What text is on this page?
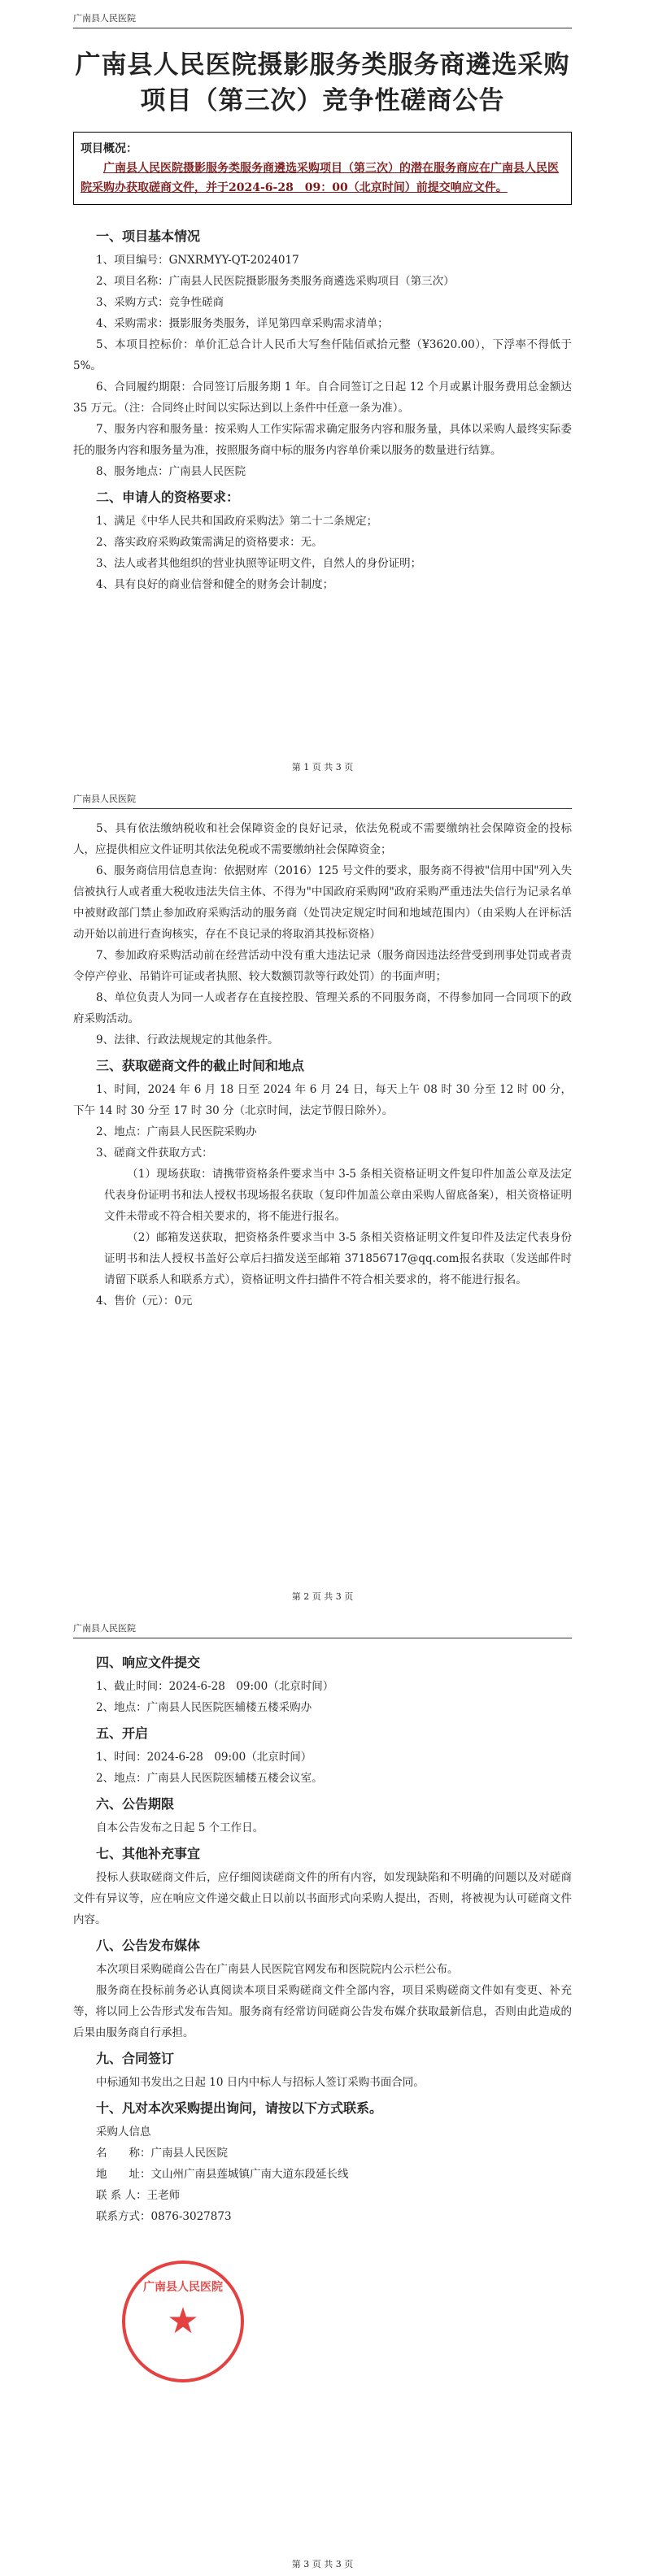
广南县人民医院
广南县人民医院摄影服务类服务商遴选采购
项目（第三次）竞争性磋商公告
项目概况：
广南县人民医院摄影服务类服务商遴选采购项目（第三次）的潜在服务商应在广南县人民医院采购办获取磋商文件，并于2024-6-28　09：00（北京时间）前提交响应文件。
一、项目基本情况
1、项目编号：GNXRMYY-QT-2024017
2、项目名称：广南县人民医院摄影服务类服务商遴选采购项目（第三次）
3、采购方式：竞争性磋商
4、采购需求：摄影服务类服务，详见第四章采购需求清单；
5、本项目控标价：单价汇总合计人民币大写叁仟陆佰贰拾元整（¥3620.00），下浮率不得低于 5%。
6、合同履约期限：合同签订后服务期 1 年。自合同签订之日起 12 个月或累计服务费用总金额达 35 万元。（注：合同终止时间以实际达到以上条件中任意一条为准）。
7、服务内容和服务量：按采购人工作实际需求确定服务内容和服务量，具体以采购人最终实际委托的服务内容和服务量为准，按照服务商中标的服务内容单价乘以服务的数量进行结算。
8、服务地点：广南县人民医院
二、申请人的资格要求：
1、满足《中华人民共和国政府采购法》第二十二条规定；
2、落实政府采购政策需满足的资格要求：无。
3、法人或者其他组织的营业执照等证明文件，自然人的身份证明；
4、具有良好的商业信誉和健全的财务会计制度；
第 1 页 共 3 页
广南县人民医院
5、具有依法缴纳税收和社会保障资金的良好记录，依法免税或不需要缴纳社会保障资金的投标人，应提供相应文件证明其依法免税或不需要缴纳社会保障资金；
6、服务商信用信息查询：依据财库（2016）125 号文件的要求，服务商不得被"信用中国"列入失信被执行人或者重大税收违法失信主体、不得为"中国政府采购网"政府采购严重违法失信行为记录名单中被财政部门禁止参加政府采购活动的服务商（处罚决定规定时间和地域范围内）（由采购人在评标活动开始以前进行查询核实，存在不良记录的将取消其投标资格）
7、参加政府采购活动前在经营活动中没有重大违法记录（服务商因违法经营受到刑事处罚或者责令停产停业、吊销许可证或者执照、较大数额罚款等行政处罚）的书面声明；
8、单位负责人为同一人或者存在直接控股、管理关系的不同服务商，不得参加同一合同项下的政府采购活动。
9、法律、行政法规规定的其他条件。
三、获取磋商文件的截止时间和地点
1、时间，2024 年 6 月 18 日至 2024 年 6 月 24 日，每天上午 08 时 30 分至 12 时 00 分，下午 14 时 30 分至 17 时 30 分（北京时间，法定节假日除外）。
2、地点：广南县人民医院采购办
3、磋商文件获取方式：
（1）现场获取：请携带资格条件要求当中 3-5 条相关资格证明文件复印件加盖公章及法定代表身份证明书和法人授权书现场报名获取（复印件加盖公章由采购人留底备案），相关资格证明文件未带或不符合相关要求的，将不能进行报名。
（2）邮箱发送获取，把资格条件要求当中 3-5 条相关资格证明文件复印件及法定代表身份证明书和法人授权书盖好公章后扫描发送至邮箱 371856717@qq.com报名获取（发送邮件时请留下联系人和联系方式），资格证明文件扫描件不符合相关要求的，将不能进行报名。
4、售价（元）：0元
第 2 页 共 3 页
广南县人民医院
四、响应文件提交
1、截止时间：2024-6-28　09:00（北京时间）
2、地点：广南县人民医院医辅楼五楼采购办
五、开启
1、时间：2024-6-28　09:00（北京时间）
2、地点：广南县人民医院医辅楼五楼会议室。
六、公告期限
自本公告发布之日起 5 个工作日。
七、其他补充事宜
投标人获取磋商文件后，应仔细阅读磋商文件的所有内容，如发现缺陷和不明确的问题以及对磋商文件有异议等，应在响应文件递交截止日以前以书面形式向采购人提出，否则，将被视为认可磋商文件内容。
八、公告发布媒体
本次项目采购磋商公告在广南县人民医院官网发布和医院院内公示栏公布。
服务商在投标前务必认真阅读本项目采购磋商文件全部内容，项目采购磋商文件如有变更、补充等，将以同上公告形式发布告知。服务商有经常访问磋商公告发布媒介获取最新信息，否则由此造成的后果由服务商自行承担。
九、合同签订
中标通知书发出之日起 10 日内中标人与招标人签订采购书面合同。
十、凡对本次采购提出询问，请按以下方式联系。
采购人信息
名　　称：广南县人民医院
地　　址：文山州广南县莲城镇广南大道东段延长线
联 系 人：王老师
联系方式：0876-3027873
广南县人民医院
★
第 3 页 共 3 页
